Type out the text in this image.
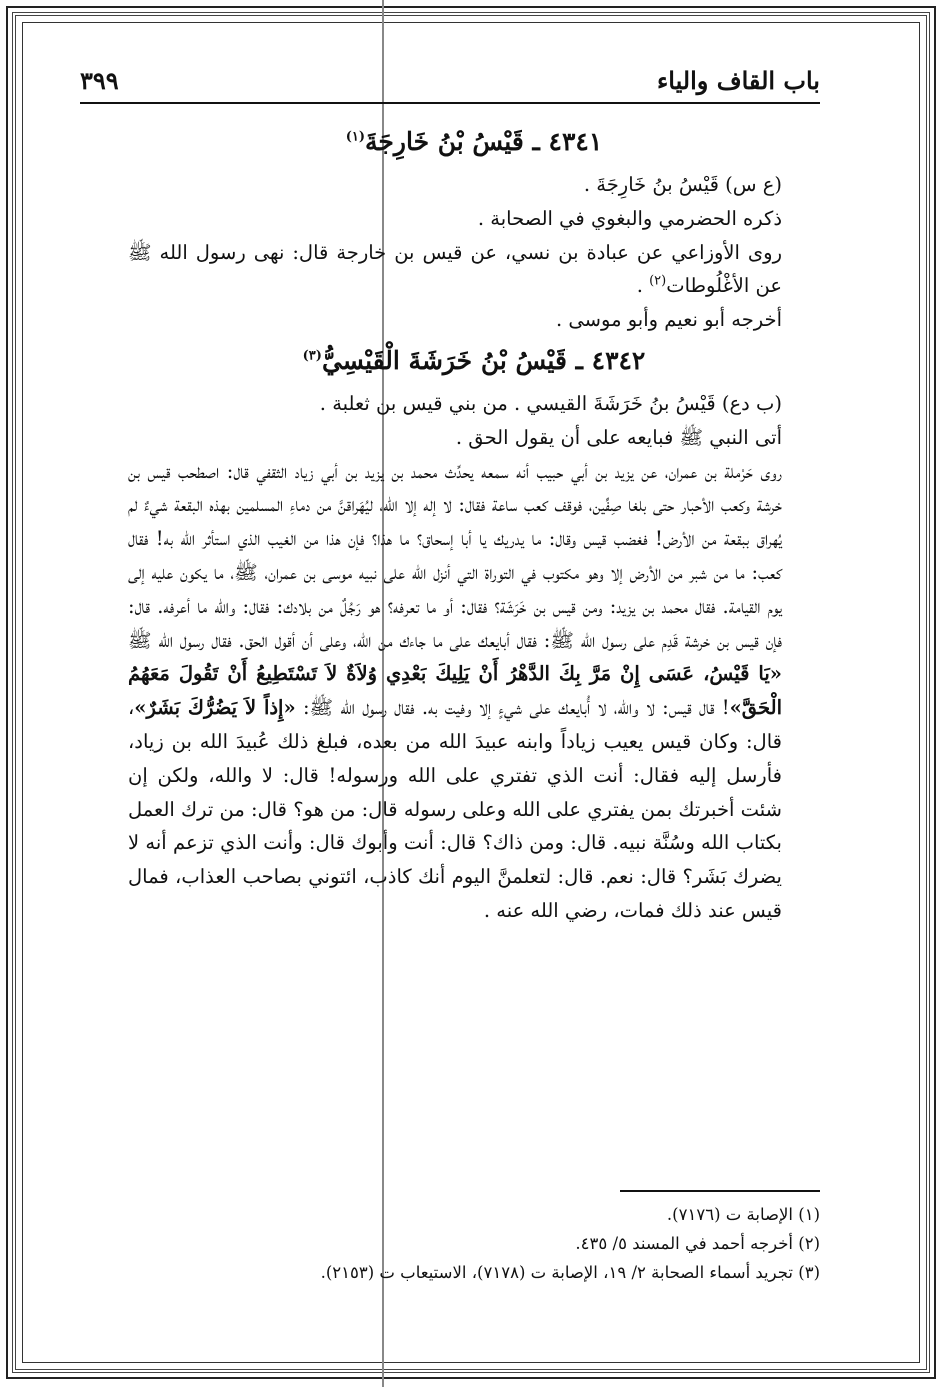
باب القاف والياء
٣٩٩
٤٣٤١ ـ قَيْسُ بْنُ خَارِجَةَ$^{(١)}$

(ع س) قَيْسُ بنُ خَارِجَةَ .

ذكره الحضرمي والبغوي في الصحابة .

روى الأوزاعي عن عبادة بن نسي، عن قيس بن خارجة قال: نهى رسول الله ﷺ عن الأغْلُوطات$^{(٢)}$ .

أخرجه أبو نعيم وأبو موسى .

٤٣٤٢ ـ قَيْسُ بْنُ خَرَشَةَ الْقَيْسِيُّ$^{(٣)}$

(ب دع) قَيْسُ بنُ خَرَشَةَ القيسي . من بني قيس بن ثعلبة .

أتى النبي ﷺ فبايعه على أن يقول الحق .

روى حَرْملة بن عمران، عن يزيد بن أبي حبيب أنه سمعه يحدِّث محمد بن يزيد بن أبي زياد الثقفي قال: اصطحب قيس بن خرشة وكعب الأحبار حتى بلغا صِفِّين، فوقف كعب ساعة فقال: لا إله إلا الله، ليُهَراقنَّ من دماءِ المسلمين بهذه البقعة شيءٌ لم يُهراق ببقعة من الأرض! فغضب قيس وقال: ما يدريك يا أبا إسحاق؟ ما هذا؟ فإن هذا من الغيب الذي استأثر الله به! فقال كعب: ما من شبر من الأرض إلا وهو مكتوب في التوراة التي أنزل الله على نبيه موسى بن عمران، ﷺ، ما يكون عليه إلى يوم القيامة. فقال محمد بن يزيد: ومن قيس بن خَرَشَة؟ فقال: أو ما تعرفه؟ هو رَجُلٌ من بلادك: فقال: والله ما أعرفه. قال: فإن قيس بن خرشة قَدِم على رسول الله ﷺ: فقال أبايعك على ما جاءك من الله، وعلى أن أقول الحق. فقال رسول الله ﷺ «يَا قَيْسُ، عَسَى إِنْ مَرَّ بِكَ الدَّهْرُ أَنْ يَلِيكَ بَعْدِي وُلاَةٌ لاَ تَسْتَطِيعُ أَنْ تَقُولَ مَعَهُمُ الْحَقَّ»! قال قيس: لا والله، لا أُبايعك على شيءٍ إلا وفيت به. فقال رسول الله ﷺ: «إِذاً لاَ يَضُرُّكَ بَشَرٌ»، قال: وكان قيس يعيب زياداً وابنه عبيدَ الله من بعده، فبلغ ذلك عُبيدَ الله بن زياد، فأرسل إليه فقال: أنت الذي تفتري على الله ورسوله! قال: لا والله، ولكن إن شئت أخبرتك بمن يفتري على الله وعلى رسوله قال: من هو؟ قال: من ترك العمل بكتاب الله وسُنَّة نبيه. قال: ومن ذاك؟ قال: أنت وأبوك قال: وأنت الذي تزعم أنه لا يضرك بَشَر؟ قال: نعم. قال: لتعلمنَّ اليوم أنك كاذب، ائتوني بصاحب العذاب، فمال قيس عند ذلك فمات، رضي الله عنه .

(١) الإصابة ت (٧١٧٦).

(٢) أخرجه أحمد في المسند ٥/ ٤٣٥.

(٣) تجريد أسماء الصحابة ٢/ ١٩، الإصابة ت (٧١٧٨)، الاستيعاب ت (٢١٥٣).
